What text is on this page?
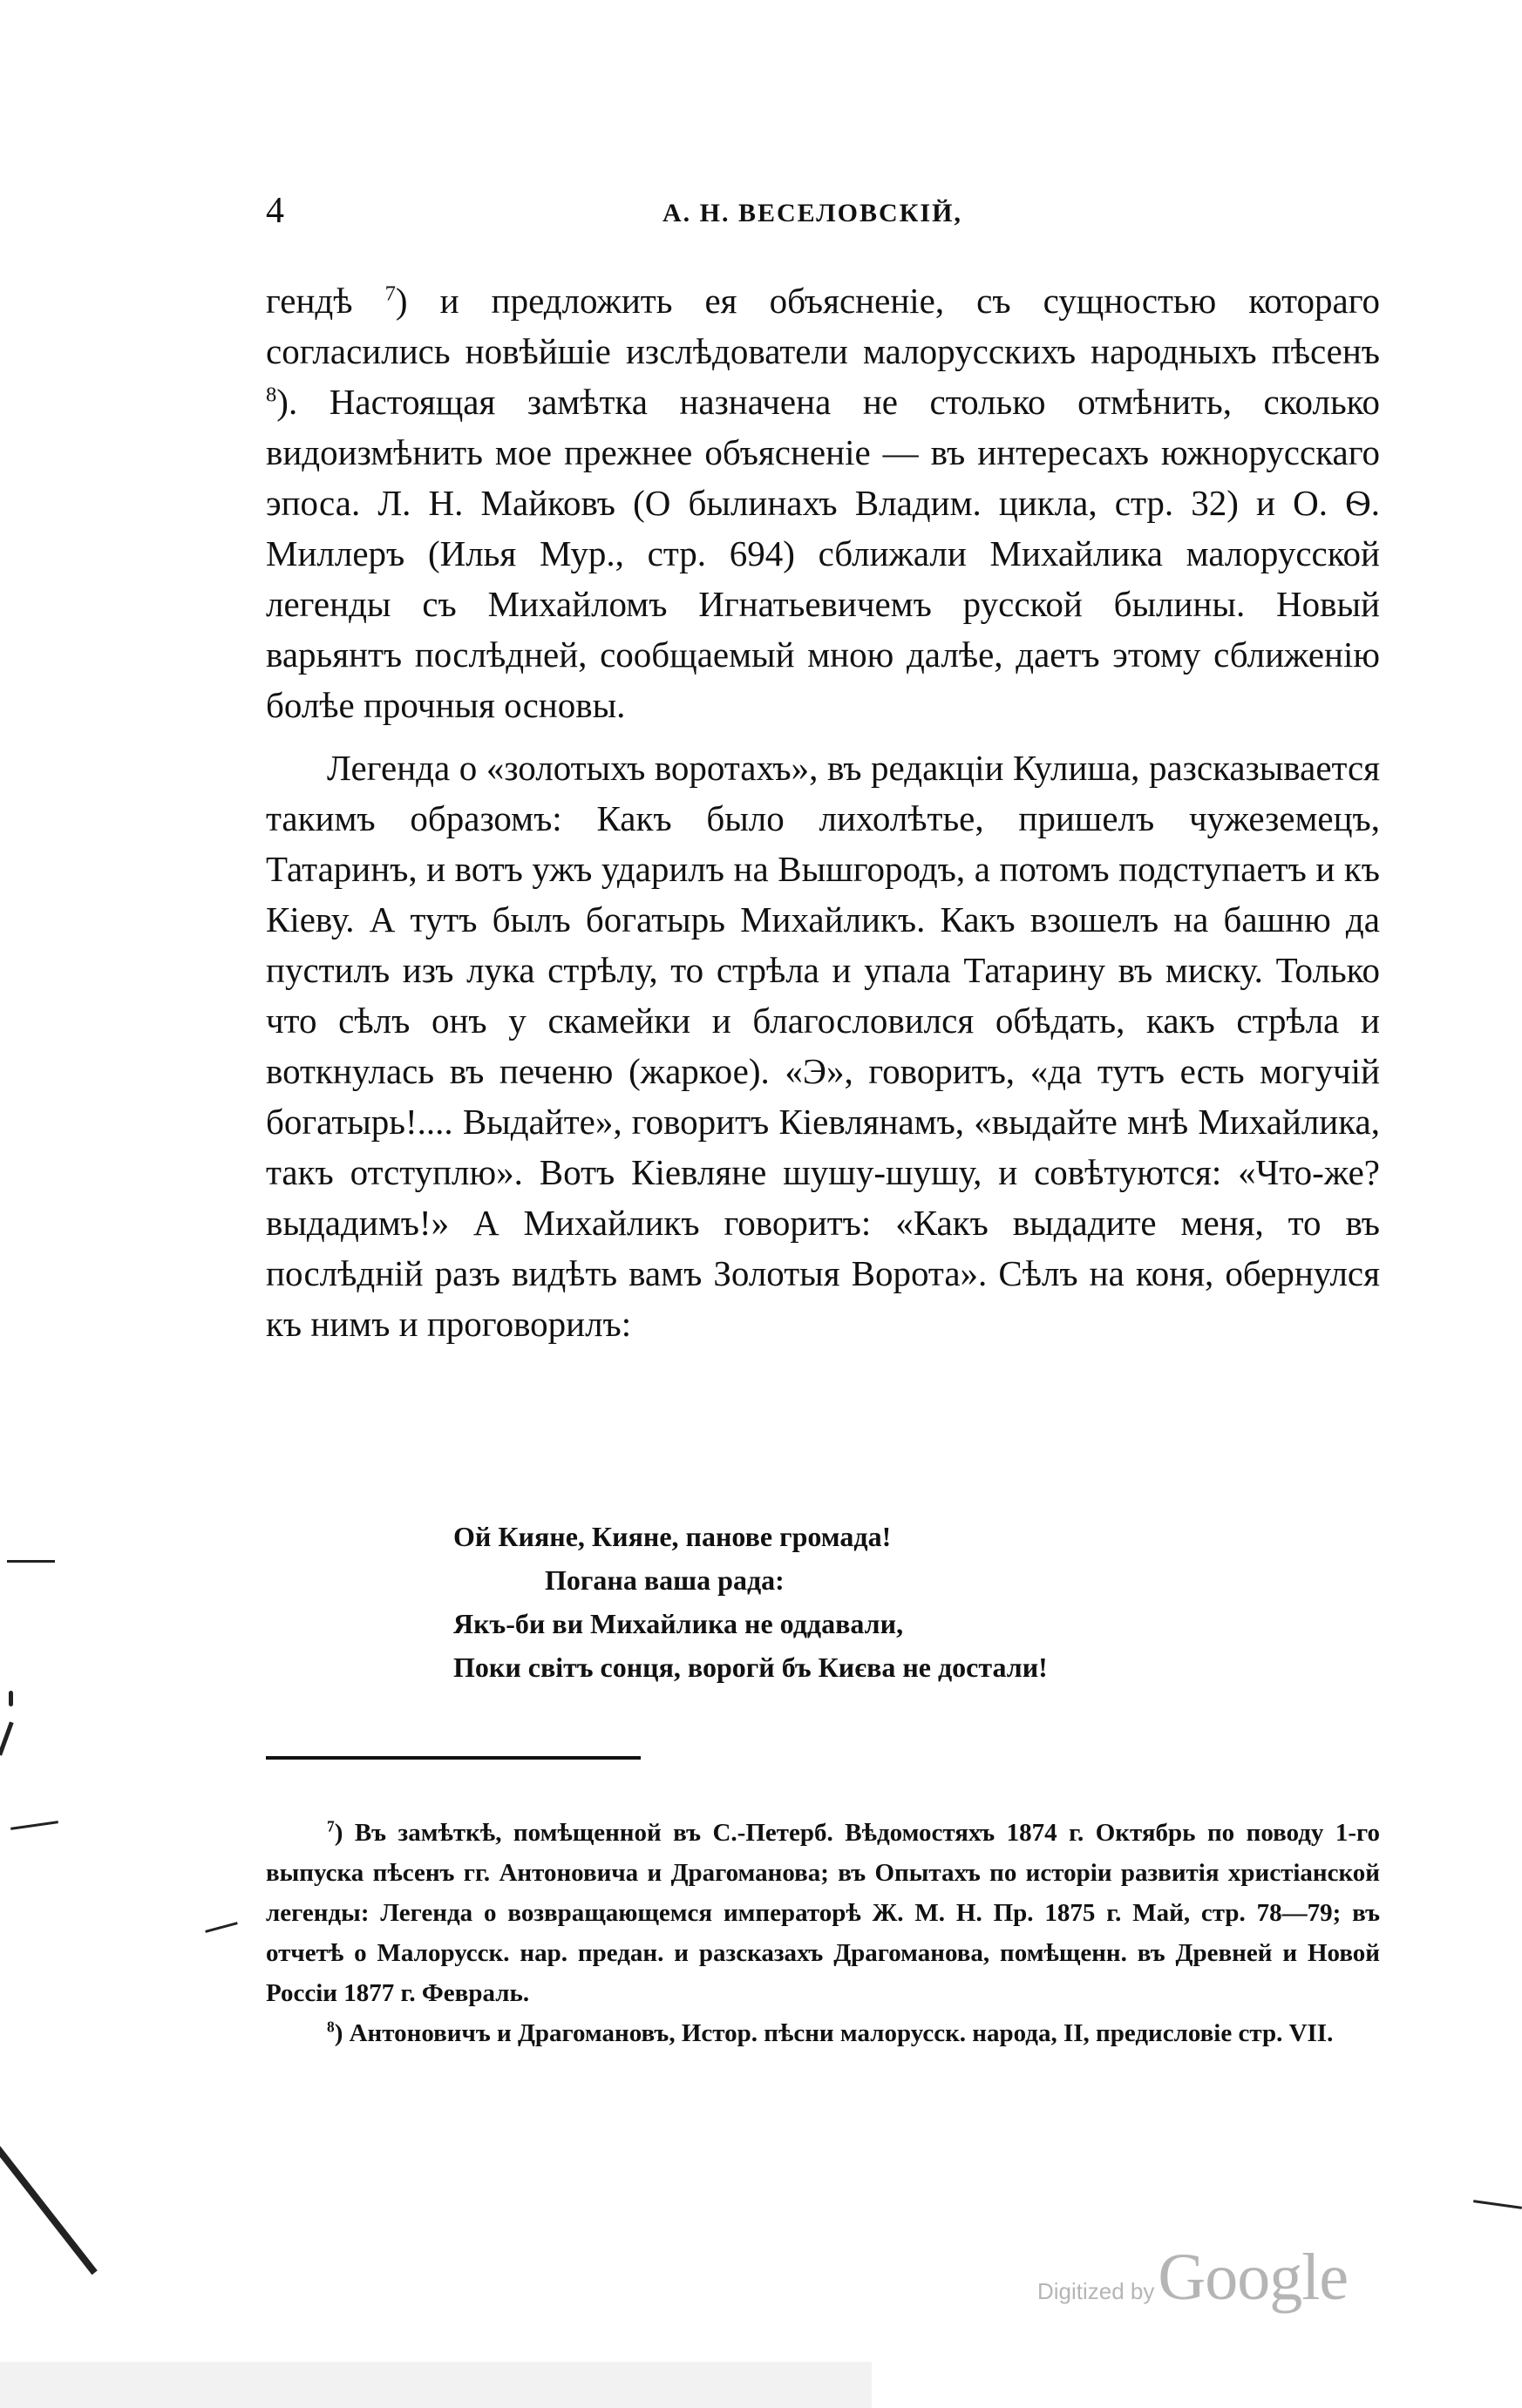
4	А. Н. ВЕСЕЛОВСКІЙ,

гендѣ $^7$) и предложить ея объясненіе, съ сущностью котораго согласились новѣйшіе изслѣдователи малорусскихъ народныхъ пѣсенъ $^8$). Настоящая замѣтка назначена не столько отмѣнить, сколько видоизмѣнить мое прежнее объясненіе — въ интересахъ южнорусскаго эпоса. Л. Н. Майковъ (О былинахъ Владим. цикла, стр. 32) и О. Ѳ. Миллеръ (Илья Мур., стр. 694) сближали Михайлика малорусской легенды съ Михайломъ Игнатьевичемъ русской былины. Новый варьянтъ послѣдней, сообщаемый мною далѣе, даетъ этому сближенію болѣе прочныя основы.

Легенда о «золотыхъ воротахъ», въ редакціи Кулиша, разсказывается такимъ образомъ: Какъ было лихолѣтье, пришелъ чужеземецъ, Татаринъ, и вотъ ужъ ударилъ на Вышгородъ, а потомъ подступаетъ и къ Кіеву. А тутъ былъ богатырь Михайликъ. Какъ взошелъ на башню да пустилъ изъ лука стрѣлу, то стрѣла и упала Татарину въ миску. Только что сѣлъ онъ у скамейки и благословился обѣдать, какъ стрѣла и воткнулась въ печеню (жаркое). «Э», говоритъ, «да тутъ есть могучій богатырь!.... Выдайте», говоритъ Кіевлянамъ, «выдайте мнѣ Михайлика, такъ отступлю». Вотъ Кіевляне шушу-шушу, и совѣтуются: «Что-же? выдадимъ!» А Михайликъ говоритъ: «Какъ выдадите меня, то въ послѣдній разъ видѣть вамъ Золотыя Ворота». Сѣлъ на коня, обернулся къ нимъ и проговорилъ:

Ой Кияне, Кияне, панове громада!
Погана ваша рада:
Якъ-би ви Михайлика не оддавали,
Поки світъ сонця, ворогй бъ Києва не достали!

$^7$) Въ замѣткѣ, помѣщенной въ С.-Петерб. Вѣдомостяхъ 1874 г. Октябрь по поводу 1-го выпуска пѣсенъ гг. Антоновича и Драгоманова; въ Опытахъ по исторіи развитія христіанской легенды: Легенда о возвращающемся императорѣ Ж. М. Н. Пр. 1875 г. Май, стр. 78—79; въ отчетѣ о Малорусск. нар. предан. и разсказахъ Драгоманова, помѣщенн. въ Древней и Новой Россіи 1877 г. Февраль.

$^8$) Антоновичъ и Драгомановъ, Истор. пѣсни малорусск. народа, II, предисловіе стр. VII.

Digitized by Google
